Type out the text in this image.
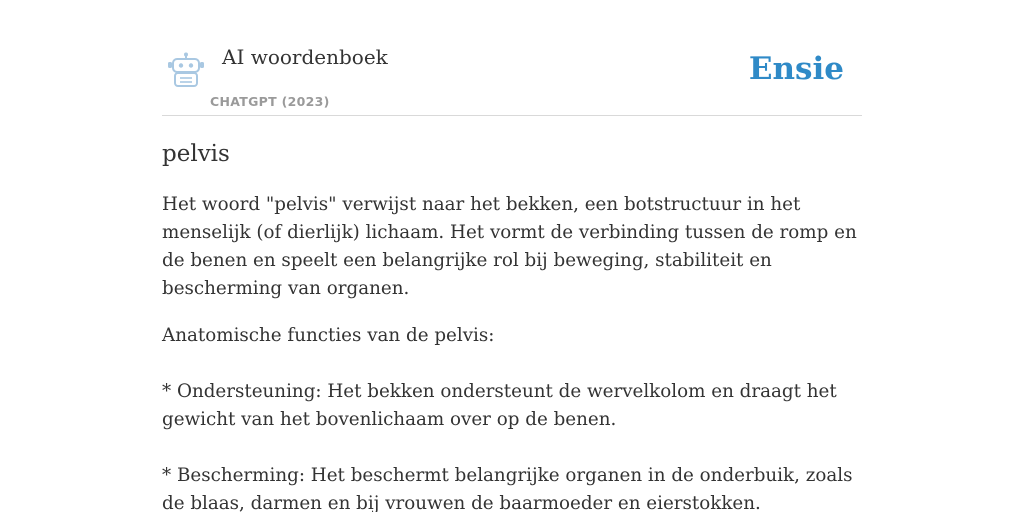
AI woordenboek
CHATGPT (2023)
Ensie
pelvis

Het woord "pelvis" verwijst naar het bekken, een botstructuur in het menselijk (of dierlijk) lichaam. Het vormt de verbinding tussen de romp en de benen en speelt een belangrijke rol bij beweging, stabiliteit en bescherming van organen.

Anatomische functies van de pelvis:

* Ondersteuning: Het bekken ondersteunt de wervelkolom en draagt het gewicht van het bovenlichaam over op de benen.

* Bescherming: Het beschermt belangrijke organen in de onderbuik, zoals de blaas, darmen en bij vrouwen de baarmoeder en eierstokken.
